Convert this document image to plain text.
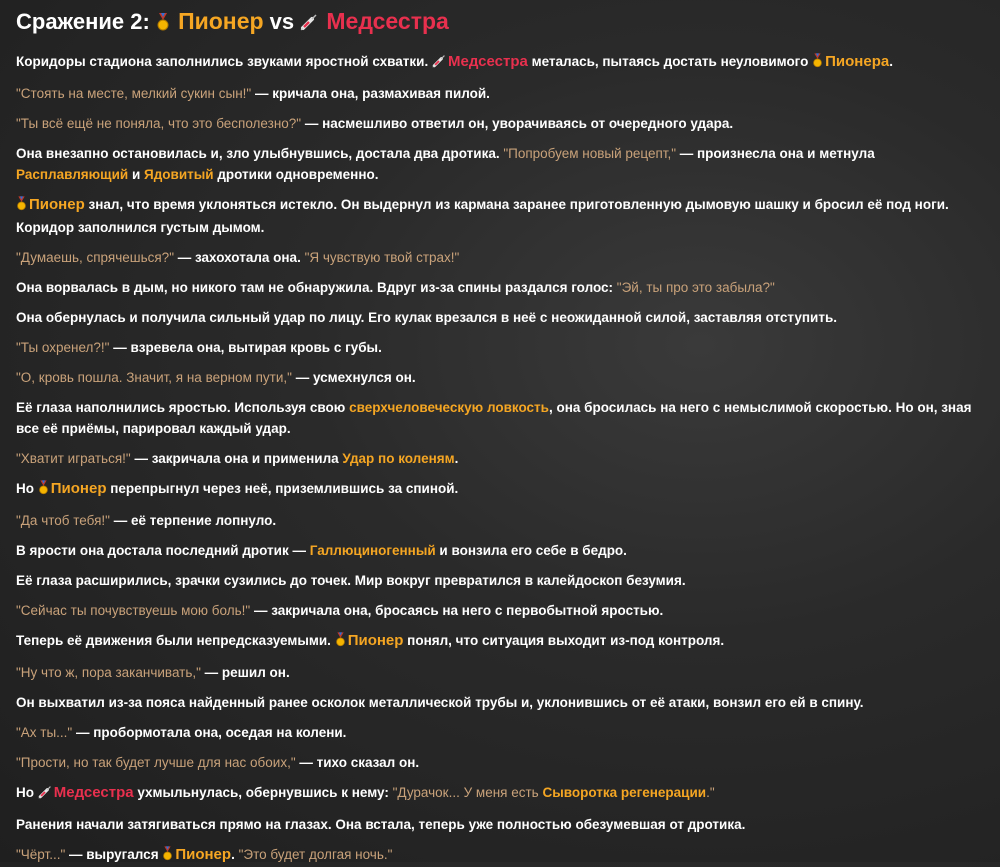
Сражение 2: Пионер vs Медсестра
Коридоры стадиона заполнились звуками яростной схватки. Медсестра металась, пытаясь достать неуловимого Пионера.
"Стоять на месте, мелкий сукин сын!" — кричала она, размахивая пилой.
"Ты всё ещё не поняла, что это бесполезно?" — насмешливо ответил он, уворачиваясь от очередного удара.
Она внезапно остановилась и, зло улыбнувшись, достала два дротика. "Попробуем новый рецепт," — произнесла она и метнула Расплавляющий и Ядовитый дротики одновременно.
Пионер знал, что время уклоняться истекло. Он выдернул из кармана заранее приготовленную дымовую шашку и бросил её под ноги. Коридор заполнился густым дымом.
"Думаешь, спрячешься?" — захохотала она. "Я чувствую твой страх!"
Она ворвалась в дым, но никого там не обнаружила. Вдруг из-за спины раздался голос: "Эй, ты про это забыла?"
Она обернулась и получила сильный удар по лицу. Его кулак врезался в неё с неожиданной силой, заставляя отступить.
"Ты охренел?!" — взревела она, вытирая кровь с губы.
"О, кровь пошла. Значит, я на верном пути," — усмехнулся он.
Её глаза наполнились яростью. Используя свою сверхчеловеческую ловкость, она бросилась на него с немыслимой скоростью. Но он, зная все её приёмы, парировал каждый удар.
"Хватит играться!" — закричала она и применила Удар по коленям.
Но Пионер перепрыгнул через неё, приземлившись за спиной.
"Да чтоб тебя!" — её терпение лопнуло.
В ярости она достала последний дротик — Галлюциногенный и вонзила его себе в бедро.
Её глаза расширились, зрачки сузились до точек. Мир вокруг превратился в калейдоскоп безумия.
"Сейчас ты почувствуешь мою боль!" — закричала она, бросаясь на него с первобытной яростью.
Теперь её движения были непредсказуемыми. Пионер понял, что ситуация выходит из-под контроля.
"Ну что ж, пора заканчивать," — решил он.
Он выхватил из-за пояса найденный ранее осколок металлической трубы и, уклонившись от её атаки, вонзил его ей в спину.
"Ах ты..." — пробормотала она, оседая на колени.
"Прости, но так будет лучше для нас обоих," — тихо сказал он.
Но Медсестра ухмыльнулась, обернувшись к нему: "Дурачок... У меня есть Сыворотка регенерации."
Ранения начали затягиваться прямо на глазах. Она встала, теперь уже полностью обезумевшая от дротика.
"Чёрт..." — выругался Пионер. "Это будет долгая ночь."
